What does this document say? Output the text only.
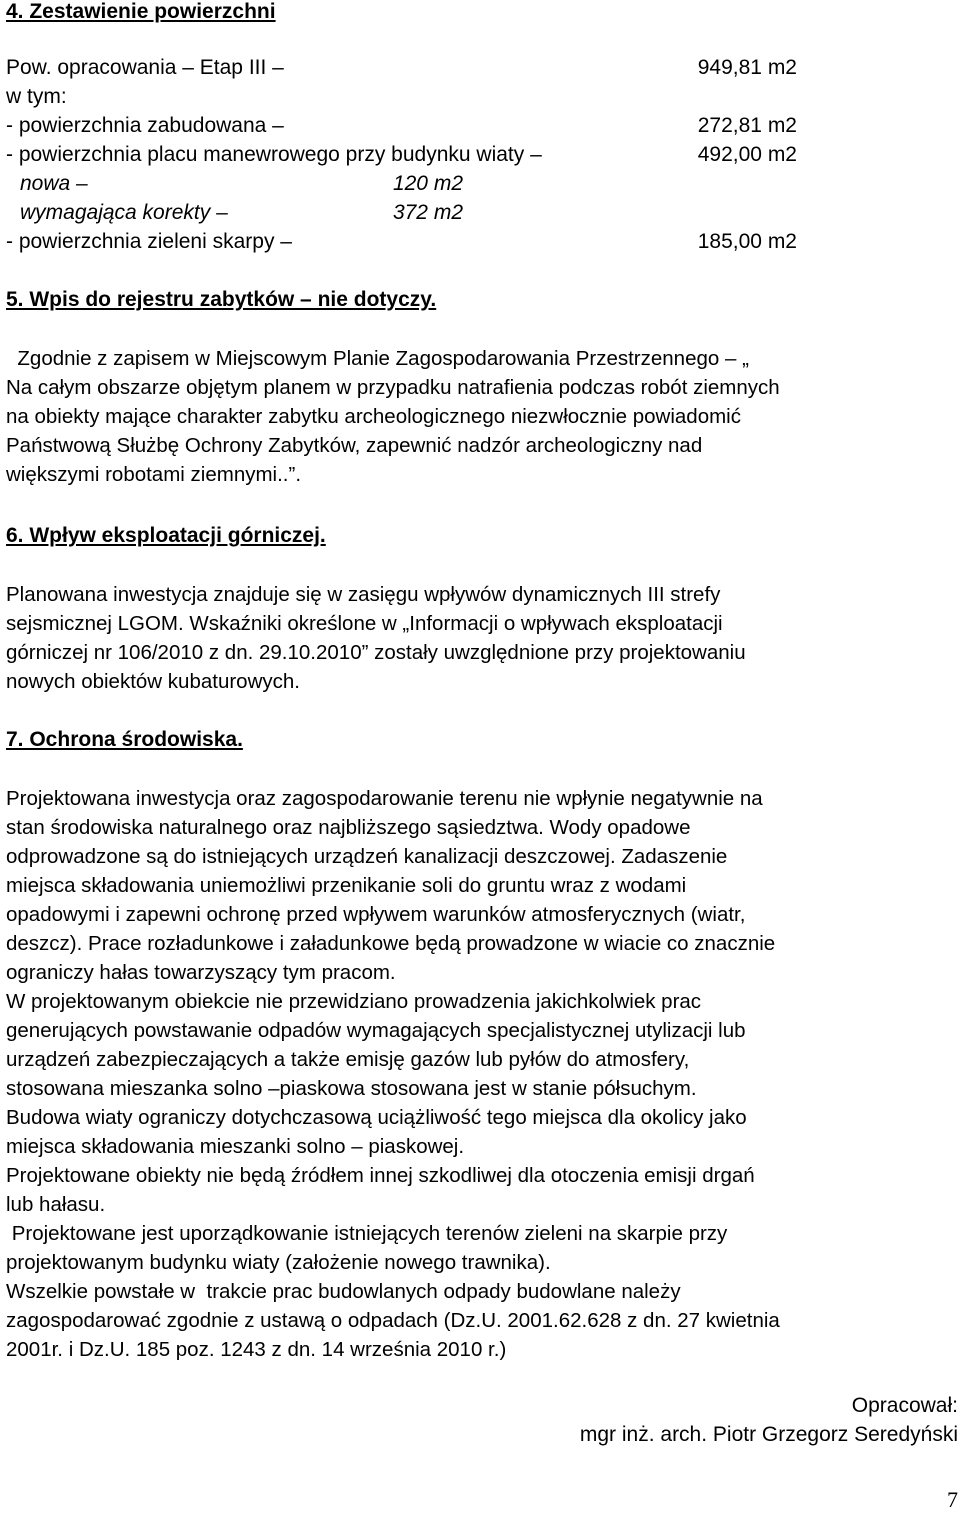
4. Zestawienie powierzchni
Pow. opracowania – Etap III –	949,81 m2
w tym:
- powierzchnia zabudowana –	272,81 m2
- powierzchnia placu manewrowego przy budynku wiaty –	492,00 m2
nowa –	120 m2
wymagająca korekty –	372 m2
- powierzchnia zieleni skarpy –	185,00 m2
5. Wpis do rejestru zabytków – nie dotyczy.
Zgodnie z zapisem w Miejscowym Planie Zagospodarowania Przestrzennego – „
Na całym obszarze objętym planem w przypadku natrafienia podczas robót ziemnych
na obiekty mające charakter zabytku archeologicznego niezwłocznie powiadomić
Państwową Służbę Ochrony Zabytków, zapewnić nadzór archeologiczny nad
większymi robotami ziemnymi..”.
6. Wpływ eksploatacji górniczej.
Planowana inwestycja znajduje się w zasięgu wpływów dynamicznych III strefy
sejsmicznej LGOM. Wskaźniki określone w „Informacji o wpływach eksploatacji
górniczej nr 106/2010 z dn. 29.10.2010” zostały uwzględnione przy projektowaniu
nowych obiektów kubaturowych.
7. Ochrona środowiska.
Projektowana inwestycja oraz zagospodarowanie terenu nie wpłynie negatywnie na
stan środowiska naturalnego oraz najbliższego sąsiedztwa. Wody opadowe
odprowadzone są do istniejących urządzeń kanalizacji deszczowej. Zadaszenie
miejsca składowania uniemożliwi przenikanie soli do gruntu wraz z wodami
opadowymi i zapewni ochronę przed wpływem warunków atmosferycznych (wiatr,
deszcz). Prace rozładunkowe i załadunkowe będą prowadzone w wiacie co znacznie
ograniczy hałas towarzyszący tym pracom.
W projektowanym obiekcie nie przewidziano prowadzenia jakichkolwiek prac
generujących powstawanie odpadów wymagających specjalistycznej utylizacji lub
urządzeń zabezpieczających a także emisję gazów lub pyłów do atmosfery,
stosowana mieszanka solno –piaskowa stosowana jest w stanie półsuchym.
Budowa wiaty ograniczy dotychczasową uciążliwość tego miejsca dla okolicy jako
miejsca składowania mieszanki solno – piaskowej.
Projektowane obiekty nie będą źródłem innej szkodliwej dla otoczenia emisji drgań
lub hałasu.
Projektowane jest uporządkowanie istniejących terenów zieleni na skarpie przy
projektowanym budynku wiaty (założenie nowego trawnika).
Wszelkie powstałe w  trakcie prac budowlanych odpady budowlane należy
zagospodarować zgodnie z ustawą o odpadach (Dz.U. 2001.62.628 z dn. 27 kwietnia
2001r. i Dz.U. 185 poz. 1243 z dn. 14 września 2010 r.)
Opracował:
mgr inż. arch. Piotr Grzegorz Seredyński
7
